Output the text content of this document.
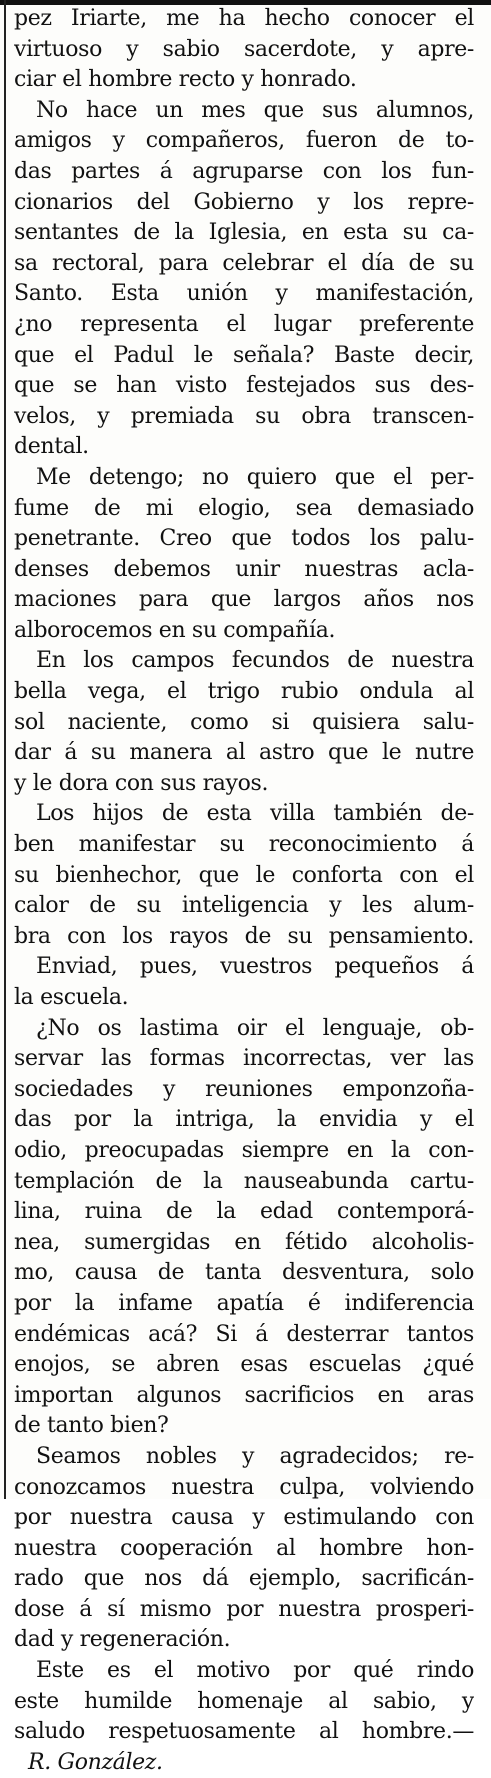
pez Iriarte, me ha hecho conocer el
virtuoso y sabio sacerdote, y apre-
ciar el hombre recto y honrado.
No hace un mes que sus alumnos,
amigos y compañeros, fueron de to-
das partes á agruparse con los fun-
cionarios del Gobierno y los repre-
sentantes de la Iglesia, en esta su ca-
sa rectoral, para celebrar el día de su
Santo. Esta unión y manifestación,
¿no representa el lugar preferente
que el Padul le señala? Baste decir,
que se han visto festejados sus des-
velos, y premiada su obra transcen-
dental.
Me detengo; no quiero que el per-
fume de mi elogio, sea demasiado
penetrante. Creo que todos los palu-
denses debemos unir nuestras acla-
maciones para que largos años nos
alborocemos en su compañía.
En los campos fecundos de nuestra
bella vega, el trigo rubio ondula al
sol naciente, como si quisiera salu-
dar á su manera al astro que le nutre
y le dora con sus rayos.
Los hijos de esta villa también de-
ben manifestar su reconocimiento á
su bienhechor, que le conforta con el
calor de su inteligencia y les alum-
bra con los rayos de su pensamiento.
Enviad, pues, vuestros pequeños á
la escuela.
¿No os lastima oir el lenguaje, ob-
servar las formas incorrectas, ver las
sociedades y reuniones emponzoña-
das por la intriga, la envidia y el
odio, preocupadas siempre en la con-
templación de la nauseabunda cartu-
lina, ruina de la edad contemporá-
nea, sumergidas en fétido alcoholis-
mo, causa de tanta desventura, solo
por la infame apatía é indiferencia
endémicas acá? Si á desterrar tantos
enojos, se abren esas escuelas ¿qué
importan algunos sacrificios en aras
de tanto bien?
Seamos nobles y agradecidos; re-
conozcamos nuestra culpa, volviendo
por nuestra causa y estimulando con
nuestra cooperación al hombre hon-
rado que nos dá ejemplo, sacrificán-
dose á sí mismo por nuestra prosperi-
dad y regeneración.
Este es el motivo por qué rindo
este humilde homenaje al sabio, y
saludo respetuosamente al hombre.—
R. González.
